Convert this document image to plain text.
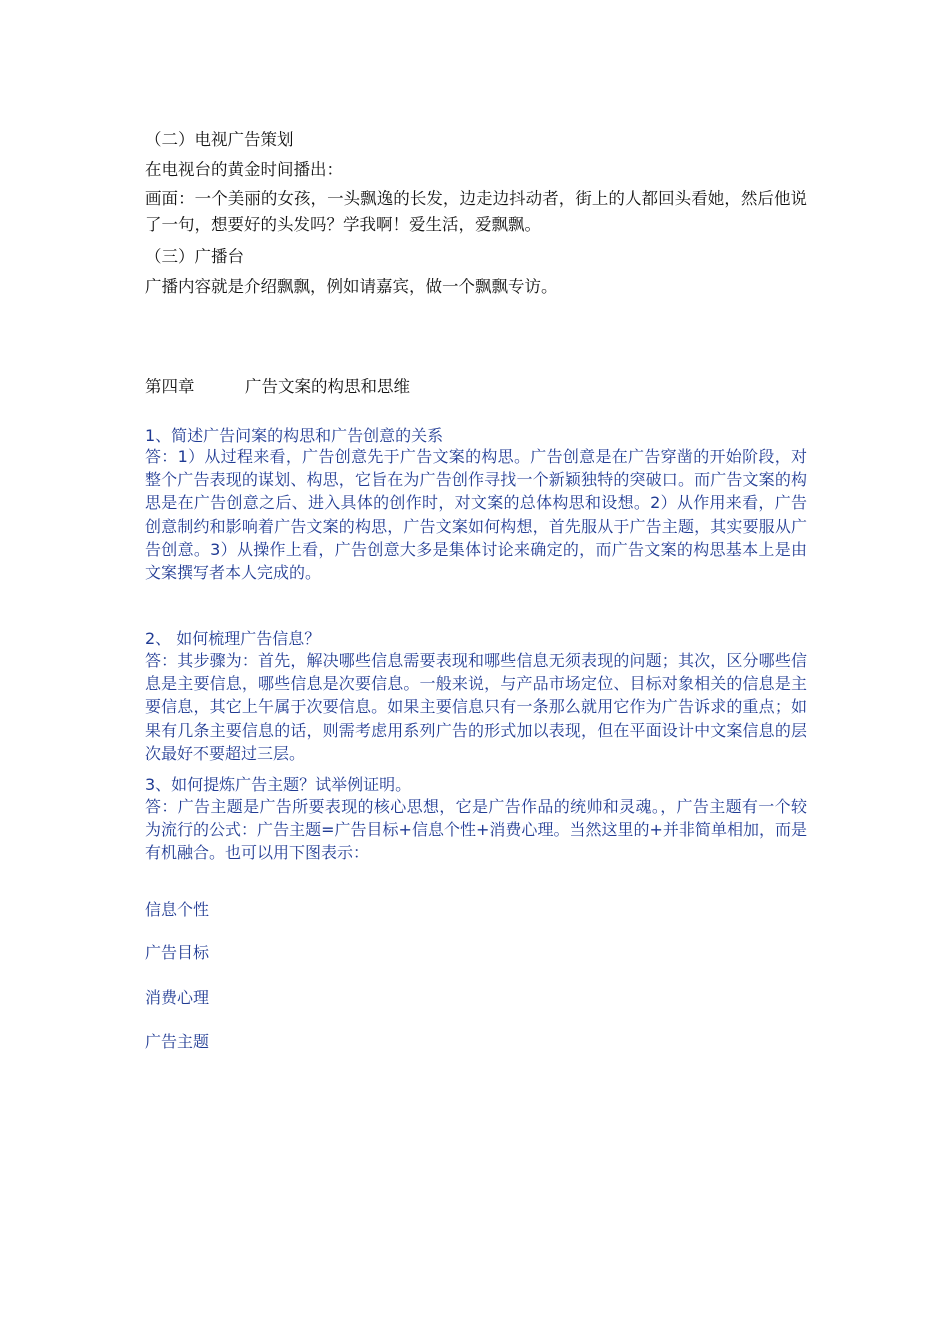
（二）电视广告策划
在电视台的黄金时间播出：
画面：一个美丽的女孩，一头飘逸的长发，边走边抖动者，街上的人都回头看她，然后他说了一句，想要好的头发吗？学我啊！爱生活，爱飘飘。
（三）广播台
广播内容就是介绍飘飘，例如请嘉宾，做一个飘飘专访。
第四章	广告文案的构思和思维
1、简述广告问案的构思和广告创意的关系
答：1）从过程来看，广告创意先于广告文案的构思。广告创意是在广告穿凿的开始阶段，对整个广告表现的谋划、构思，它旨在为广告创作寻找一个新颖独特的突破口。而广告文案的构思是在广告创意之后、进入具体的创作时，对文案的总体构思和设想。2）从作用来看，广告创意制约和影响着广告文案的构思，广告文案如何构想，首先服从于广告主题，其实要服从广告创意。3）从操作上看，广告创意大多是集体讨论来确定的，而广告文案的构思基本上是由文案撰写者本人完成的。
2、 如何梳理广告信息？
答：其步骤为：首先，解决哪些信息需要表现和哪些信息无须表现的问题；其次，区分哪些信息是主要信息，哪些信息是次要信息。一般来说，与产品市场定位、目标对象相关的信息是主要信息，其它上午属于次要信息。如果主要信息只有一条那么就用它作为广告诉求的重点；如果有几条主要信息的话，则需考虑用系列广告的形式加以表现，但在平面设计中文案信息的层次最好不要超过三层。
3、如何提炼广告主题？试举例证明。
答：广告主题是广告所要表现的核心思想，它是广告作品的统帅和灵魂。，广告主题有一个较为流行的公式：广告主题=广告目标+信息个性+消费心理。当然这里的+并非简单相加，而是有机融合。也可以用下图表示：
信息个性
广告目标
消费心理
广告主题
